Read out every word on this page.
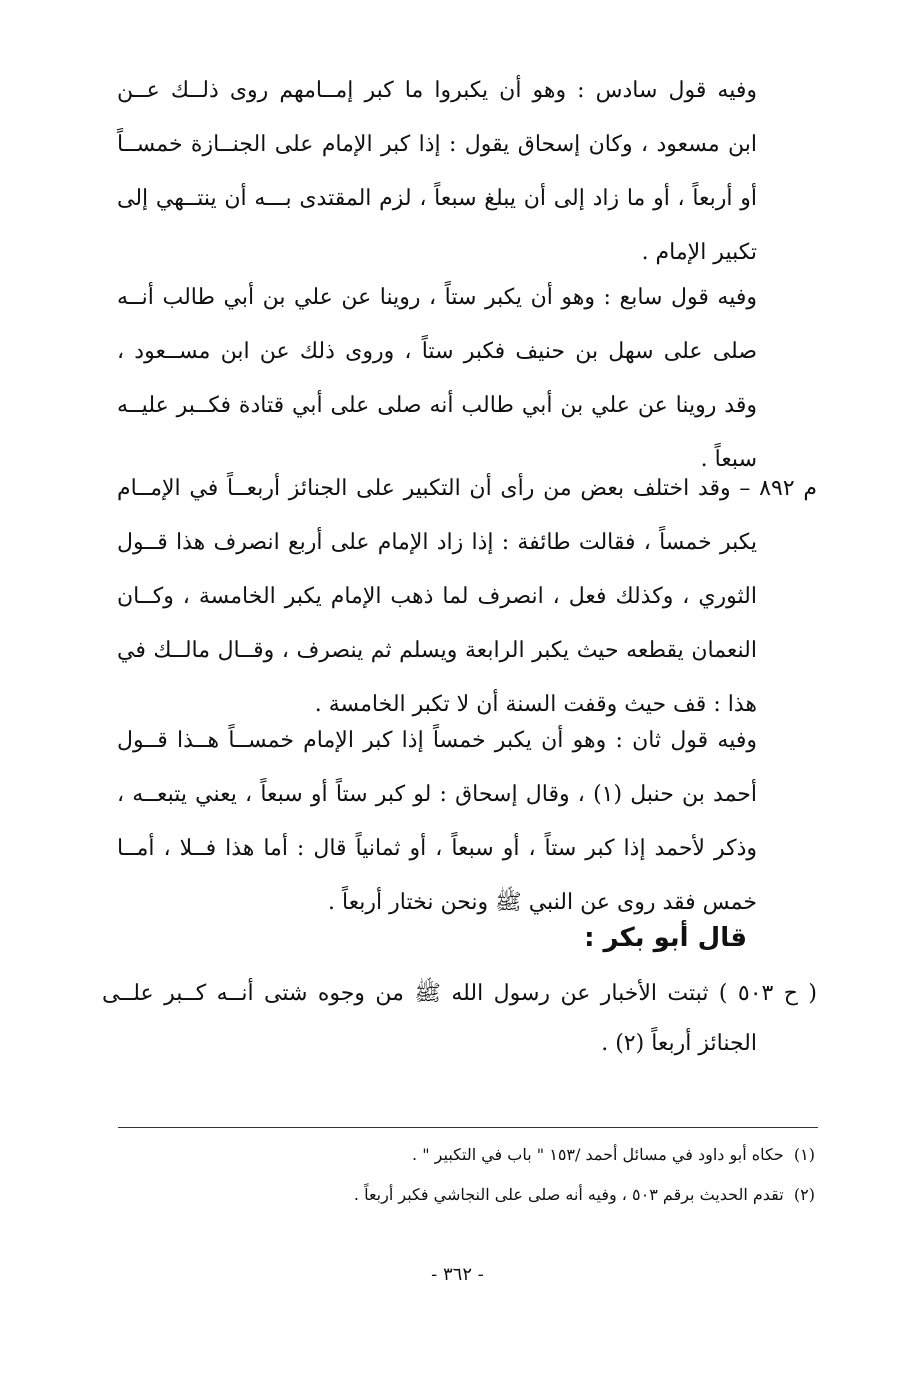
وفيه قول سادس : وهو أن يكبروا ما كبر إمــامهم روى ذلــك عــن
ابن مسعود ، وكان إسحاق يقول : إذا كبر الإمام على الجنــازة خمســاً
أو أربعاً ، أو ما زاد إلى أن يبلغ سبعاً ، لزم المقتدى بـــه أن ينتــهي إلى
تكبير الإمام .
وفيه قول سابع : وهو أن يكبر ستاً ، روينا عن علي بن أبي طالب أنــه
صلى على سهل بن حنيف فكبر ستاً ، وروى ذلك عن ابن مســعود ،
وقد روينا عن علي بن أبي طالب أنه صلى على أبي قتادة فكــبر عليــه
سبعاً .
م ٨٩٢ – وقد اختلف بعض من رأى أن التكبير على الجنائز أربعــاً في الإمــام
يكبر خمساً ، فقالت طائفة : إذا زاد الإمام على أربع انصرف هذا قــول
الثوري ، وكذلك فعل ، انصرف لما ذهب الإمام يكبر الخامسة ، وكــان
النعمان يقطعه حيث يكبر الرابعة ويسلم ثم ينصرف ، وقــال مالــك في
هذا : قف حيث وقفت السنة أن لا تكبر الخامسة .
وفيه قول ثان : وهو أن يكبر خمساً إذا كبر الإمام خمســاً هــذا قــول
أحمد بن حنبل (١) ، وقال إسحاق : لو كبر ستاً أو سبعاً ، يعني يتبعــه ،
وذكر لأحمد إذا كبر ستاً ، أو سبعاً ، أو ثمانياً قال : أما هذا فــلا ، أمــا
خمس فقد روى عن النبي ﷺ ونحن نختار أربعاً .
قال أبو بكر :
( ح ٥٠٣ ) ثبتت الأخبار عن رسول الله ﷺ من وجوه شتى أنــه كــبر علــى
الجنائز أربعاً (٢) .
(١)  حكاه أبو داود في مسائل أحمد /١٥٣ " باب في التكبير " .
(٢)  تقدم الحديث برقم ٥٠٣ ، وفيه أنه صلى على النجاشي فكبر أربعاً .
- ٣٦٢ -
